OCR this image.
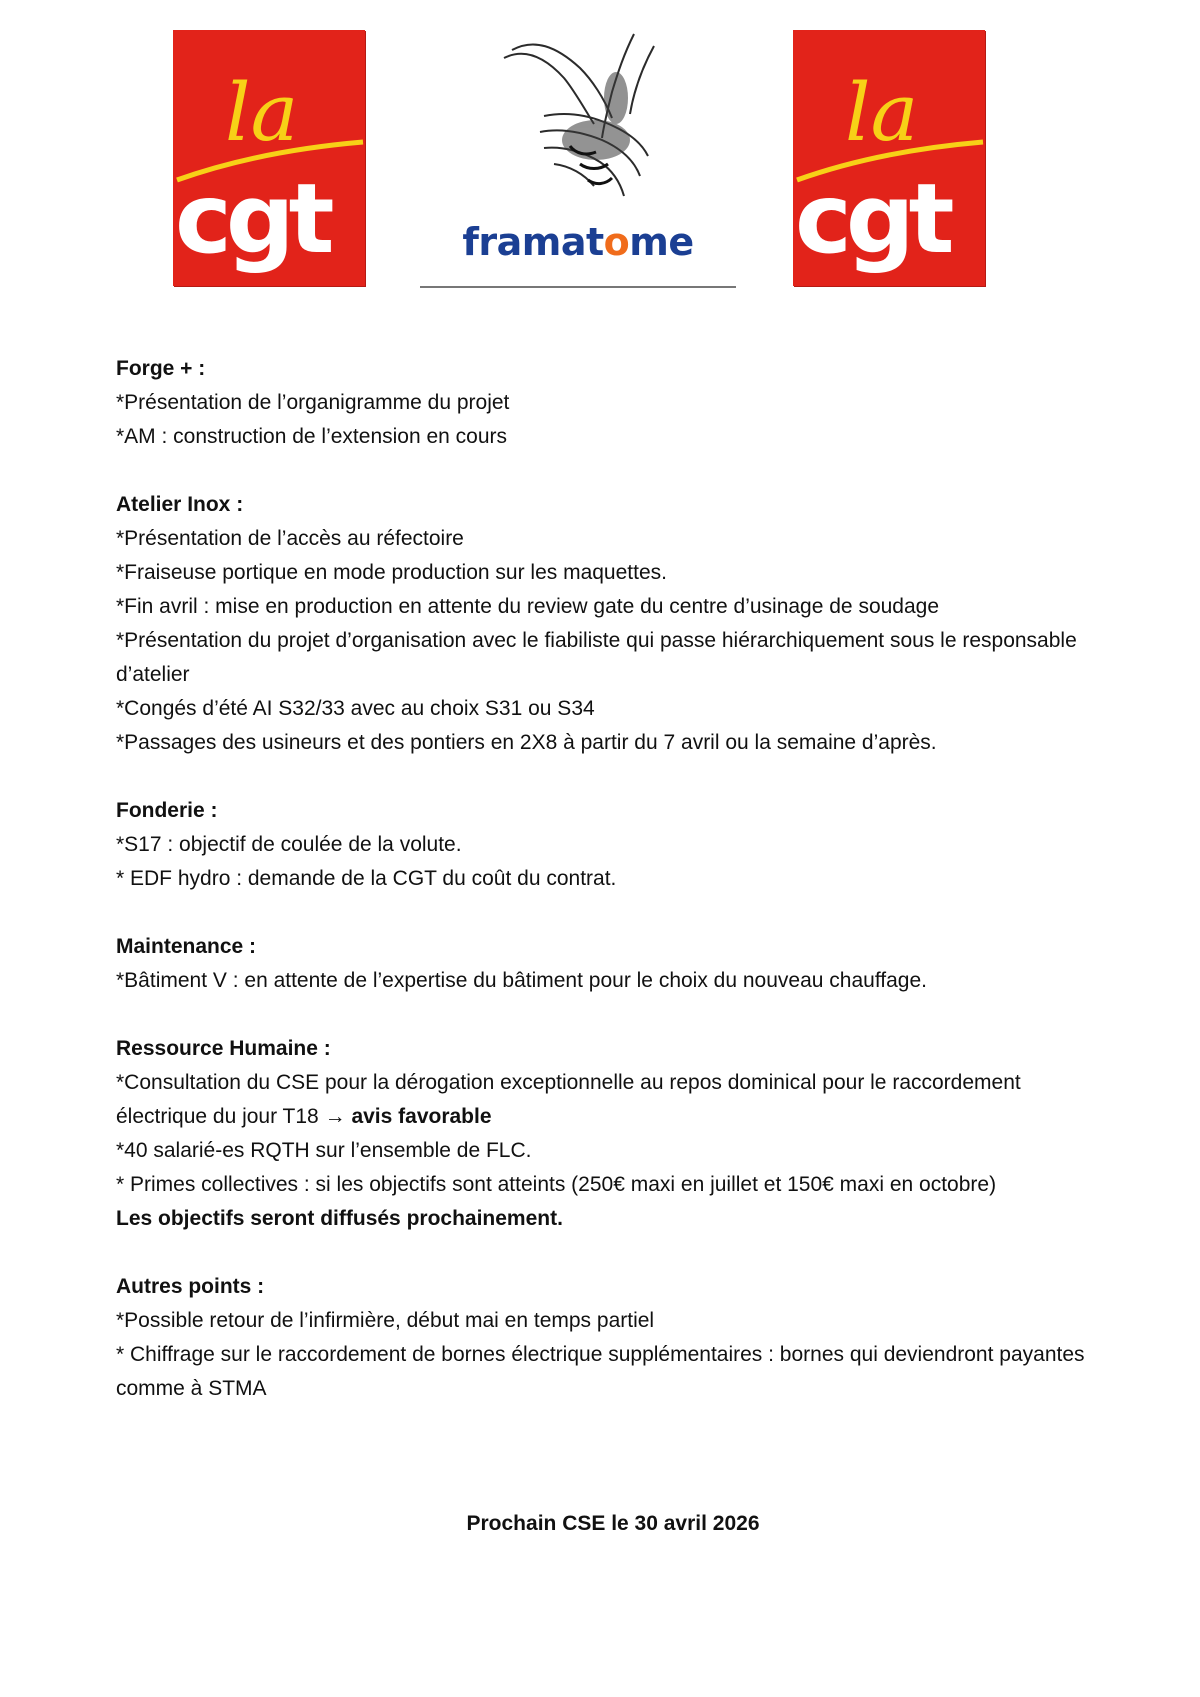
la
cgt	framatome
la
cgt
Forge + :
*Présentation de l’organigramme du projet
*AM : construction de l’extension en cours
Atelier Inox :
*Présentation de l’accès au réfectoire
*Fraiseuse portique en mode production sur les maquettes.
*Fin avril : mise en production en attente du review gate du centre d’usinage de soudage
*Présentation du projet d’organisation avec le fiabiliste qui passe hiérarchiquement sous le responsable d’atelier
*Congés d’été AI S32/33 avec au choix S31 ou S34
*Passages des usineurs et des pontiers en 2X8 à partir du 7 avril ou la semaine d’après.
Fonderie :
*S17 : objectif de coulée de la volute.
* EDF hydro : demande de la CGT du coût du contrat.
Maintenance :
*Bâtiment V : en attente de l’expertise du bâtiment pour le choix du nouveau chauffage.
Ressource Humaine :
*Consultation du CSE pour la dérogation exceptionnelle au repos dominical pour le raccordement électrique du jour T18 → avis favorable
*40 salarié-es RQTH sur l’ensemble de FLC.
* Primes collectives : si les objectifs sont atteints (250€ maxi en juillet et 150€ maxi en octobre)
Les objectifs seront diffusés prochainement.
Autres points :
*Possible retour de l’infirmière, début mai en temps partiel
* Chiffrage sur le raccordement de bornes électrique supplémentaires : bornes qui deviendront payantes comme à STMA
Prochain CSE le 30 avril 2026
